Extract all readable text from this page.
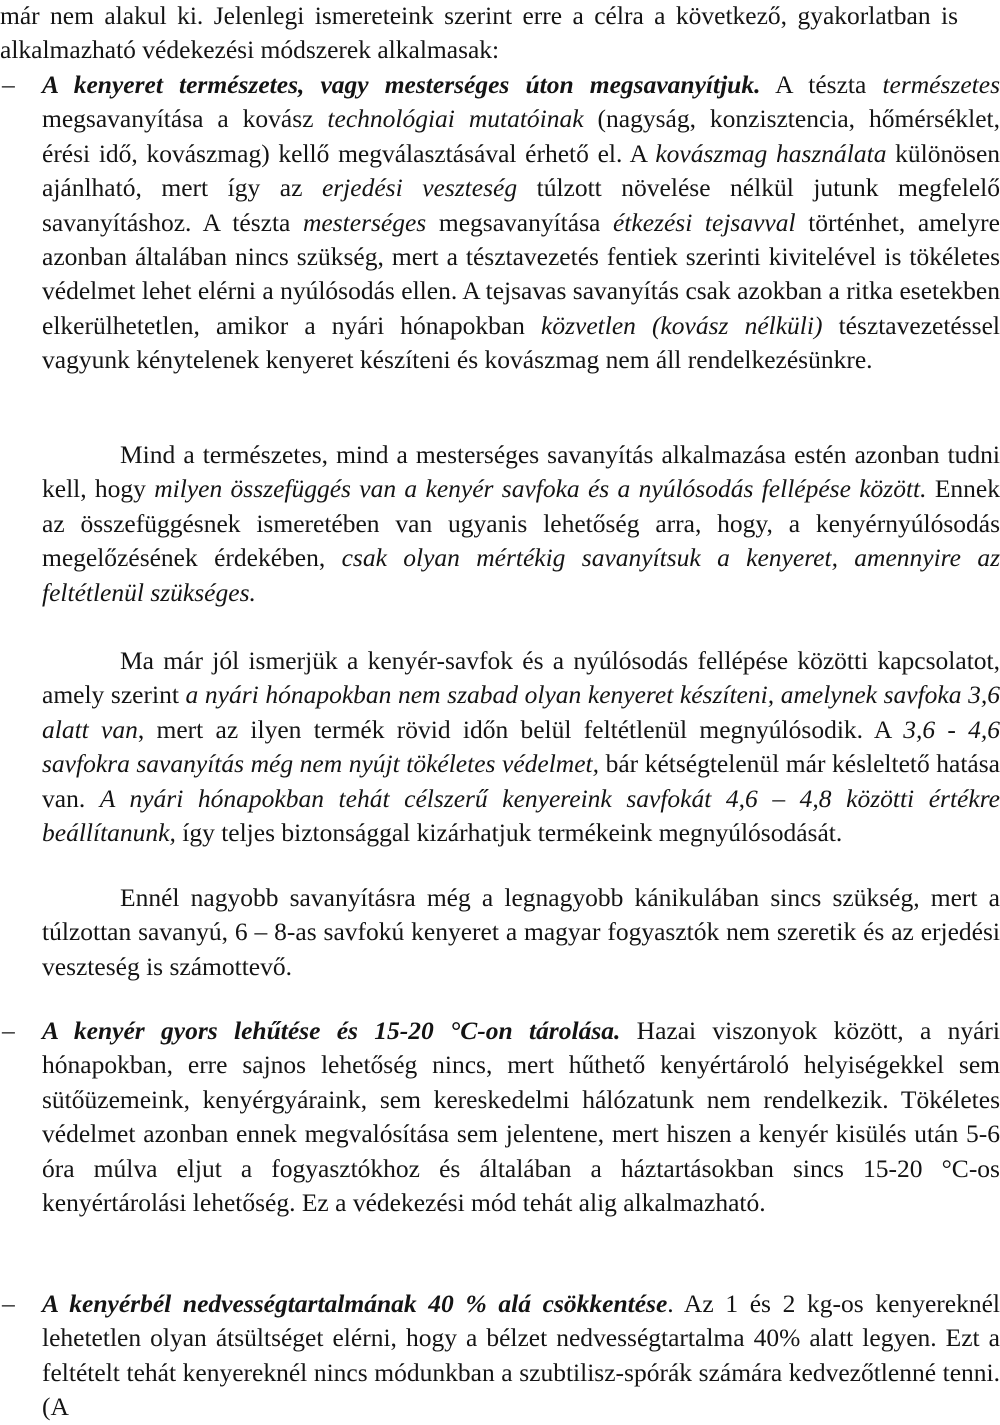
már nem alakul ki. Jelenlegi ismereteink szerint erre a célra a következő, gyakorlatban is alkalmazható védekezési módszerek alkalmasak:

–	A kenyeret természetes, vagy mesterséges úton megsavanyítjuk. A tészta természetes megsavanyítása a kovász technológiai mutatóinak (nagyság, konzisztencia, hőmérséklet, érési idő, kovászmag) kellő megválasztásával érhető el. A kovászmag használata különösen ajánlható, mert így az erjedési veszteség túlzott növelése nélkül jutunk megfelelő savanyításhoz. A tészta mesterséges megsavanyítása étkezési tejsavval történhet, amelyre azonban általában nincs szükség, mert a tésztavezetés fentiek szerinti kivitelével is tökéletes védelmet lehet elérni a nyúlósodás ellen. A tejsavas savanyítás csak azokban a ritka esetekben elkerülhetetlen, amikor a nyári hónapokban közvetlen (kovász nélküli) tésztavezetéssel vagyunk kénytelenek kenyeret készíteni és kovászmag nem áll rendelkezésünkre.

Mind a természetes, mind a mesterséges savanyítás alkalmazása estén azonban tudni kell, hogy milyen összefüggés van a kenyér savfoka és a nyúlósodás fellépése között. Ennek az összefüggésnek ismeretében van ugyanis lehetőség arra, hogy, a kenyérnyúlósodás megelőzésének érdekében, csak olyan mértékig savanyítsuk a kenyeret, amennyire az feltétlenül szükséges.

Ma már jól ismerjük a kenyér-savfok és a nyúlósodás fellépése közötti kapcsolatot, amely szerint a nyári hónapokban nem szabad olyan kenyeret készíteni, amelynek savfoka 3,6 alatt van, mert az ilyen termék rövid időn belül feltétlenül megnyúlósodik. A 3,6 - 4,6 savfokra savanyítás még nem nyújt tökéletes védelmet, bár kétségtelenül már késleltető hatása van. A nyári hónapokban tehát célszerű kenyereink savfokát 4,6 – 4,8 közötti értékre beállítanunk, így teljes biztonsággal kizárhatjuk termékeink megnyúlósodását.

Ennél nagyobb savanyításra még a legnagyobb kánikulában sincs szükség, mert a túlzottan savanyú, 6 – 8-as savfokú kenyeret a magyar fogyasztók nem szeretik és az erjedési veszteség is számottevő.

–	A kenyér gyors lehűtése és 15-20 °C-on tárolása. Hazai viszonyok között, a nyári hónapokban, erre sajnos lehetőség nincs, mert hűthető kenyértároló helyiségekkel sem sütőüzemeink, kenyérgyáraink, sem kereskedelmi hálózatunk nem rendelkezik. Tökéletes védelmet azonban ennek megvalósítása sem jelentene, mert hiszen a kenyér kisülés után 5-6 óra múlva eljut a fogyasztókhoz és általában a háztartásokban sincs 15-20 °C-os kenyértárolási lehetőség. Ez a védekezési mód tehát alig alkalmazható.
–	A kenyérbél nedvességtartalmának 40 % alá csökkentése. Az 1 és 2 kg-os kenyereknél lehetetlen olyan átsültséget elérni, hogy a bélzet nedvességtartalma 40% alatt legyen. Ezt a feltételt tehát kenyereknél nincs módunkban a szubtilisz-spórák számára kedvezőtlenné tenni. (A
